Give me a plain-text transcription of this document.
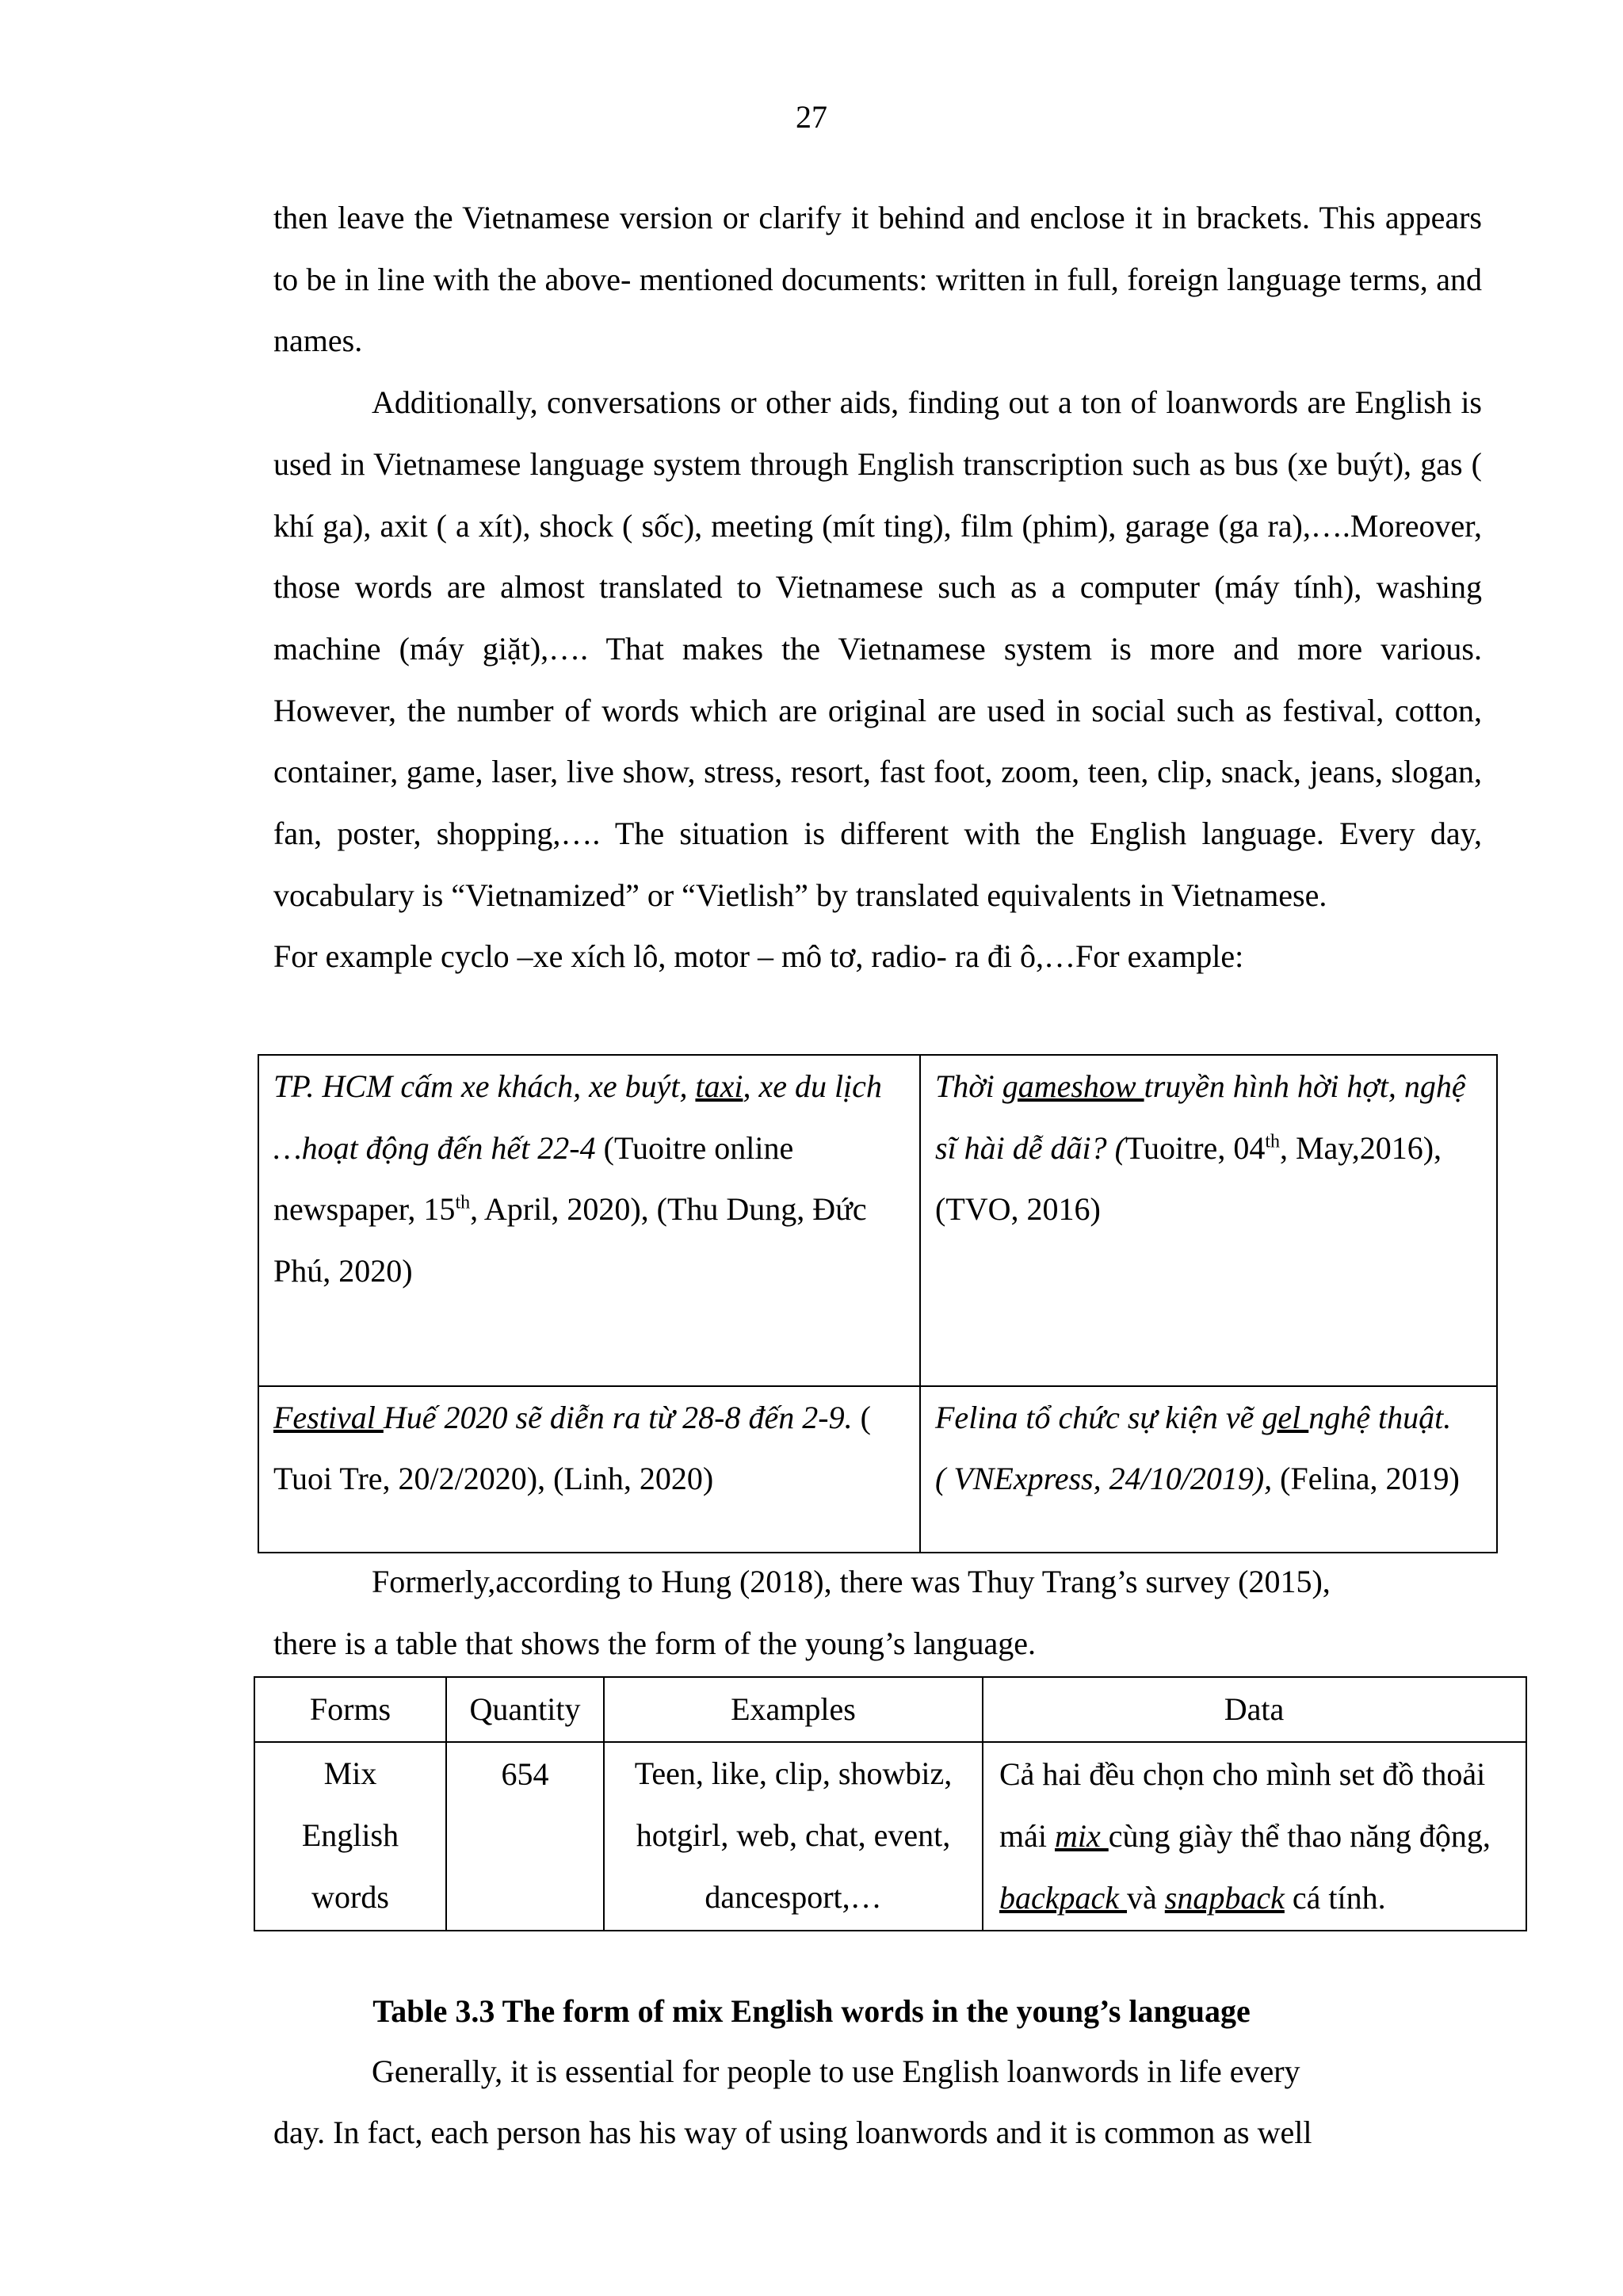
27

then leave the Vietnamese version or clarify it behind and enclose it in brackets. This appears to be in line with the above- mentioned documents: written in full, foreign language terms, and names.

Additionally, conversations or other aids, finding out a ton of loanwords are English is used in Vietnamese language system through English transcription such as bus (xe buýt), gas ( khí ga), axit ( a xít), shock ( sốc), meeting (mít ting), film (phim), garage (ga ra),….Moreover, those words are almost translated to Vietnamese such as a computer (máy tính), washing machine (máy giặt),…. That makes the Vietnamese system is more and more various. However, the number of words which are original are used in social such as festival, cotton, container, game, laser, live show, stress, resort, fast foot, zoom, teen, clip, snack, jeans, slogan, fan, poster, shopping,…. The situation is different with the English language. Every day, vocabulary is “Vietnamized” or “Vietlish” by translated equivalents in Vietnamese.

For example cyclo –xe xích lô, motor – mô tơ, radio- ra đi ô,…For example:

TP. HCM cấm xe khách, xe buýt, taxi, xe du lịch …hoạt động đến hết 22-4 (Tuoitre online newspaper, 15th, April, 2020), (Thu Dung, Đức Phú, 2020)	Thời gameshow truyền hình hời hợt, nghệ sĩ hài dễ dãi? (Tuoitre, 04th, May,2016), (TVO, 2016)
Festival Huế 2020 sẽ diễn ra từ 28-8 đến 2-9. ( Tuoi Tre, 20/2/2020), (Linh, 2020)	Felina tổ chức sự kiện vẽ gel nghệ thuật.
( VNExpress, 24/10/2019), (Felina, 2019)

Formerly,according to Hung (2018), there was Thuy Trang’s survey (2015),

there is a table that shows the form of the young’s language.

Forms	Quantity	Examples	Data
Mix English words	654	Teen, like, clip, showbiz, hotgirl, web, chat, event, dancesport,…	Cả hai đều chọn cho mình set đồ thoải mái mix cùng giày thể thao năng động, backpack và snapback cá tính.
Table 3.3 The form of mix English words in the young’s language

Generally, it is essential for people to use English loanwords in life every

day. In fact, each person has his way of using loanwords and it is common as well
